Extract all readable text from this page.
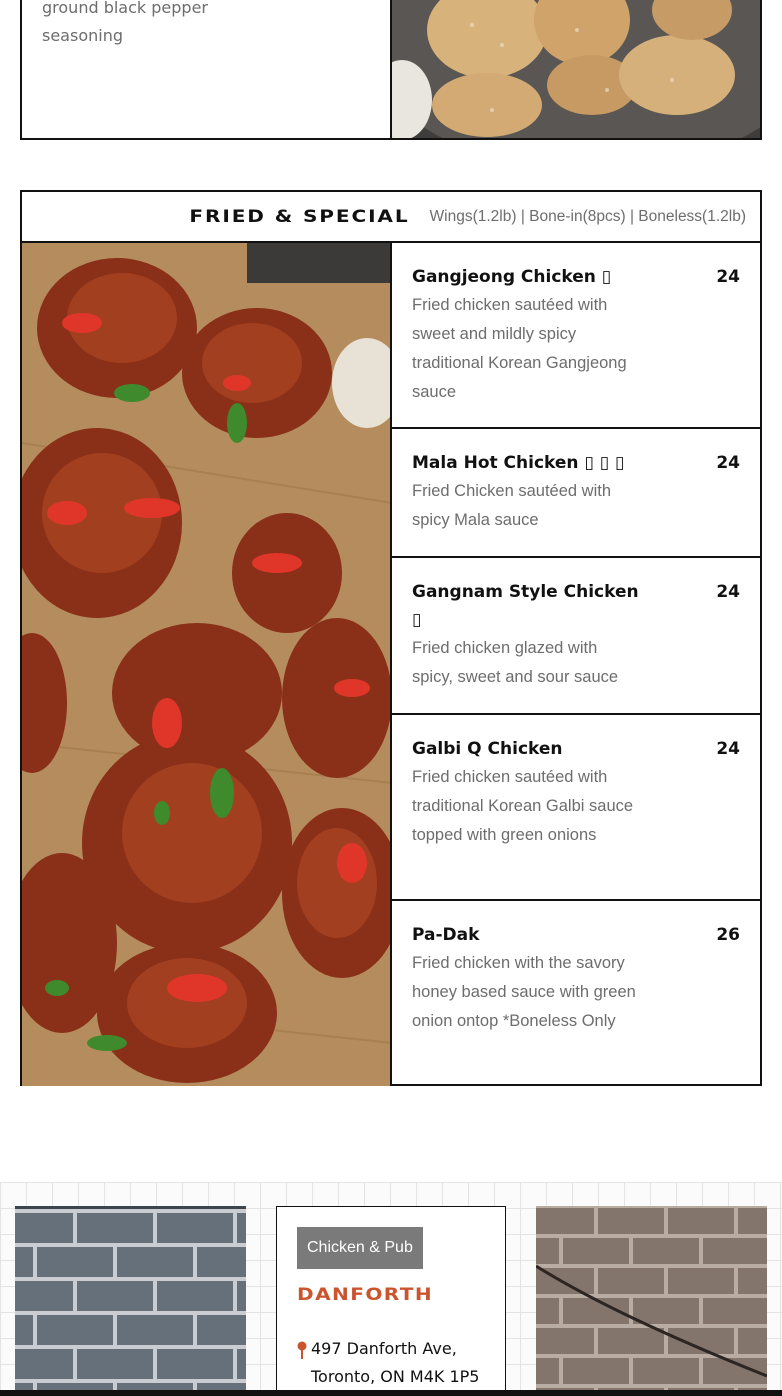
ground black pepper
seasoning
FRIED & SPECIAL Wings(1.2lb) | Bone-in(8pcs) | Boneless(1.2lb)
Gangjeong Chicken ▯	24
Fried chicken sautéed with sweet and mildly spicy traditional Korean Gangjeong sauce
Mala Hot Chicken ▯ ▯ ▯	24
Fried Chicken sautéed with spicy Mala sauce
Gangnam Style Chicken ▯
24
Fried chicken glazed with spicy, sweet and sour sauce
Galbi Q Chicken	24
Fried chicken sautéed with traditional Korean Galbi sauce topped with green onions
Pa-Dak	26
Fried chicken with the savory honey based sauce with green onion ontop *Boneless Only
Chicken & Pub
DANFORTH
497 Danforth Ave, Toronto, ON M4K 1P5
